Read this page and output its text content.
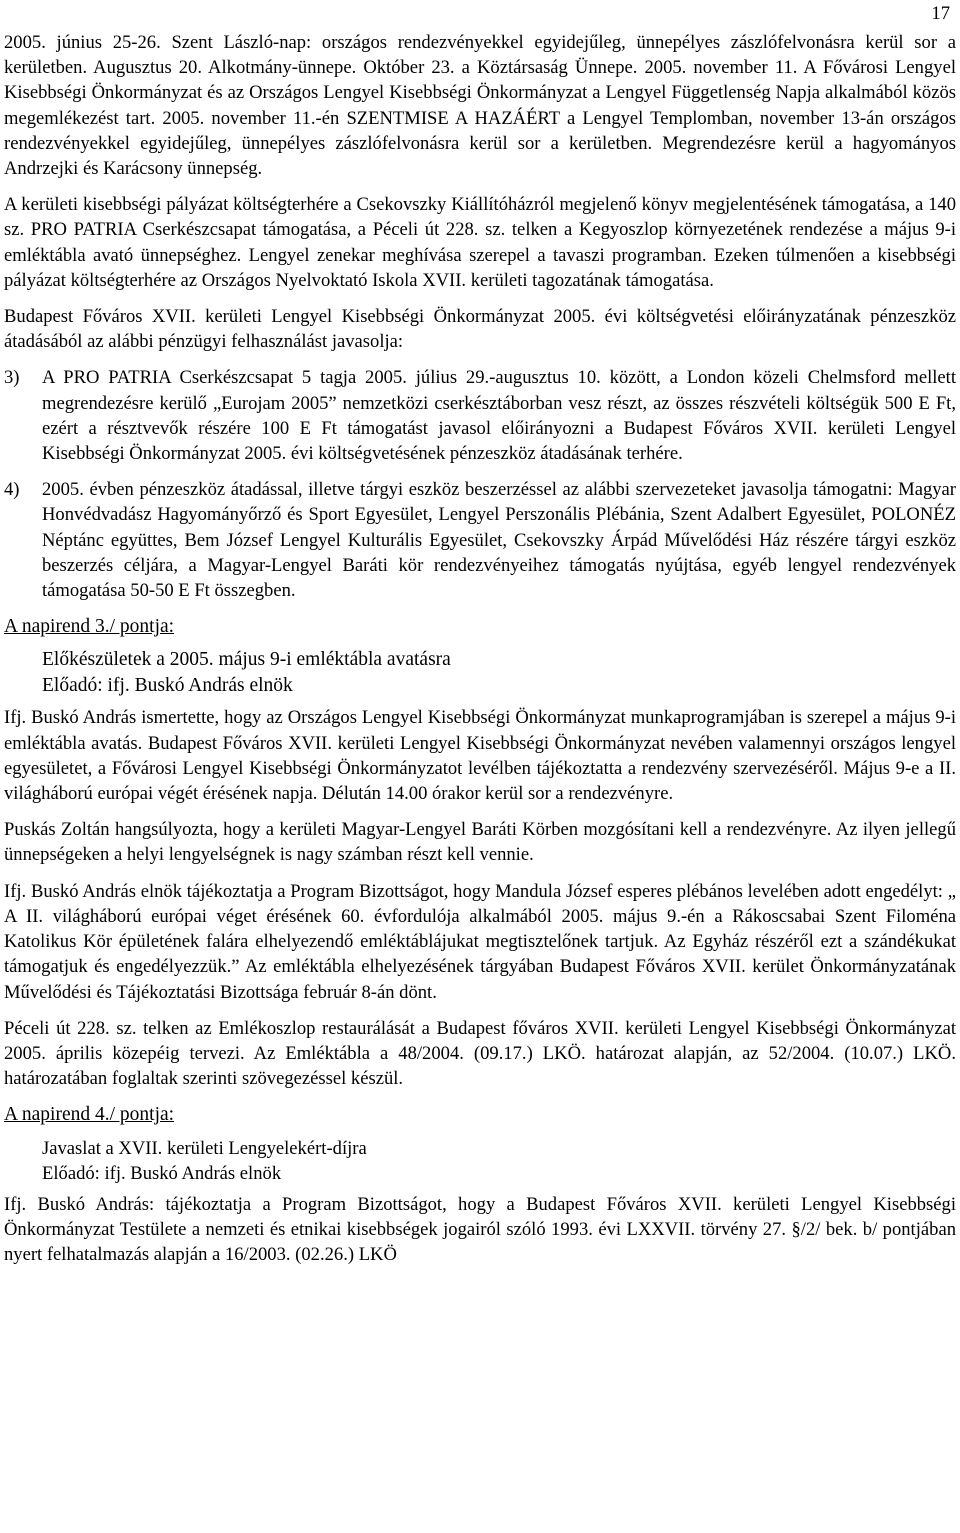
17

2005. június 25-26. Szent László-nap: országos rendezvényekkel egyidejűleg, ünnepélyes zászlófelvonásra kerül sor a kerületben. Augusztus 20. Alkotmány-ünnepe. Október 23. a Köztársaság Ünnepe. 2005. november 11. A Fővárosi Lengyel Kisebbségi Önkormányzat és az Országos Lengyel Kisebbségi Önkormányzat a Lengyel Függetlenség Napja alkalmából közös megemlékezést tart. 2005. november 11.-én SZENTMISE A HAZÁÉRT a Lengyel Templomban, november 13-án országos rendezvényekkel egyidejűleg, ünnepélyes zászlófelvonásra kerül sor a kerületben. Megrendezésre kerül a hagyományos Andrzejki és Karácsony ünnepség.

A kerületi kisebbségi pályázat költségterhére a Csekovszky Kiállítóházról megjelenő könyv megjelentésének támogatása, a 140 sz. PRO PATRIA Cserkészcsapat támogatása, a Péceli út 228. sz. telken a Kegyoszlop környezetének rendezése a május 9-i emléktábla avató ünnepséghez. Lengyel zenekar meghívása szerepel a tavaszi programban. Ezeken túlmenően a kisebbségi pályázat költségterhére az Országos Nyelvoktató Iskola XVII. kerületi tagozatának támogatása.

Budapest Főváros XVII. kerületi Lengyel Kisebbségi Önkormányzat 2005. évi költségvetési előirányzatának pénzeszköz átadásából az alábbi pénzügyi felhasználást javasolja:

3)	A PRO PATRIA Cserkészcsapat 5 tagja 2005. július 29.-augusztus 10. között, a London közeli Chelmsford mellett megrendezésre kerülő „Eurojam 2005” nemzetközi cserkésztáborban vesz részt, az összes részvételi költségük 500 E Ft, ezért a résztvevők részére 100 E Ft támogatást javasol előirányozni a Budapest Főváros XVII. kerületi Lengyel Kisebbségi Önkormányzat 2005. évi költségvetésének pénzeszköz átadásának terhére.
4)	2005. évben pénzeszköz átadással, illetve tárgyi eszköz beszerzéssel az alábbi szervezeteket javasolja támogatni: Magyar Honvédvadász Hagyományőrző és Sport Egyesület, Lengyel Perszonális Plébánia, Szent Adalbert Egyesület, POLONÉZ Néptánc együttes, Bem József Lengyel Kulturális Egyesület, Csekovszky Árpád Művelődési Ház részére tárgyi eszköz beszerzés céljára, a Magyar-Lengyel Baráti kör rendezvényeihez támogatás nyújtása, egyéb lengyel rendezvények támogatása 50-50 E Ft összegben.
A napirend 3./ pontja:
Előkészületek a 2005. május 9-i emléktábla avatásra
Előadó: ifj. Buskó András elnök

Ifj. Buskó András ismertette, hogy az Országos Lengyel Kisebbségi Önkormányzat munkaprogramjában is szerepel a május 9-i emléktábla avatás. Budapest Főváros XVII. kerületi Lengyel Kisebbségi Önkormányzat nevében valamennyi országos lengyel egyesületet, a Fővárosi Lengyel Kisebbségi Önkormányzatot levélben tájékoztatta a rendezvény szervezéséről. Május 9-e a II. világháború európai végét érésének napja. Délután 14.00 órakor kerül sor a rendezvényre.

Puskás Zoltán hangsúlyozta, hogy a kerületi Magyar-Lengyel Baráti Körben mozgósítani kell a rendezvényre. Az ilyen jellegű ünnepségeken a helyi lengyelségnek is nagy számban részt kell vennie.

Ifj. Buskó András elnök tájékoztatja a Program Bizottságot, hogy Mandula József esperes plébános levelében adott engedélyt: „ A II. világháború európai véget érésének 60. évfordulója alkalmából 2005. május 9.-én a Rákoscsabai Szent Filoména Katolikus Kör épületének falára elhelyezendő emléktáblájukat megtisztelőnek tartjuk. Az Egyház részéről ezt a szándékukat támogatjuk és engedélyezzük.” Az emléktábla elhelyezésének tárgyában Budapest Főváros XVII. kerület Önkormányzatának Művelődési és Tájékoztatási Bizottsága február 8-án dönt.

Péceli út 228. sz. telken az Emlékoszlop restaurálását a Budapest főváros XVII. kerületi Lengyel Kisebbségi Önkormányzat 2005. április közepéig tervezi. Az Emléktábla a 48/2004. (09.17.) LKÖ. határozat alapján, az 52/2004. (10.07.) LKÖ. határozatában foglaltak szerinti szövegezéssel készül.

A napirend 4./ pontja:
Javaslat a XVII. kerületi Lengyelekért-díjra
Előadó: ifj. Buskó András elnök

Ifj. Buskó András: tájékoztatja a Program Bizottságot, hogy a Budapest Főváros XVII. kerületi Lengyel Kisebbségi Önkormányzat Testülete a nemzeti és etnikai kisebbségek jogairól szóló 1993. évi LXXVII. törvény 27. §/2/ bek. b/ pontjában nyert felhatalmazás alapján a 16/2003. (02.26.) LKÖ
